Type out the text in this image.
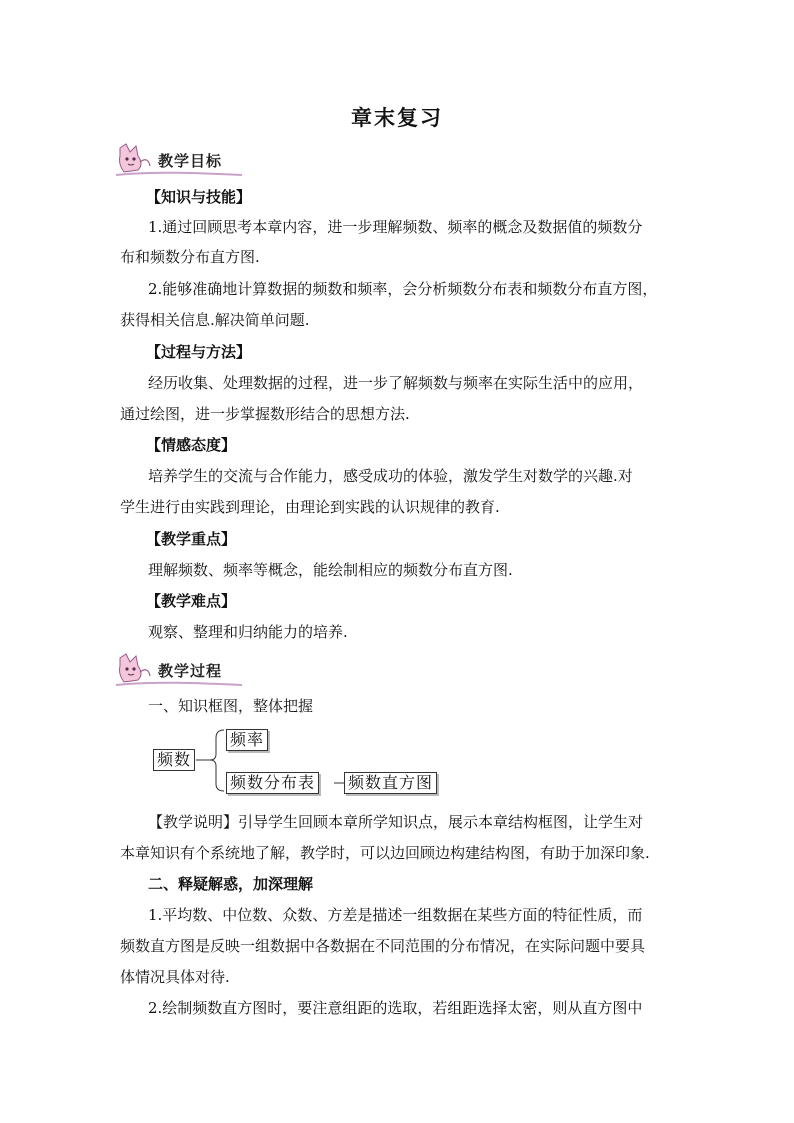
章末复习
教学目标
【知识与技能】
1.通过回顾思考本章内容，进一步理解频数、频率的概念及数据值的频数分
布和频数分布直方图.
2.能够准确地计算数据的频数和频率，会分析频数分布表和频数分布直方图，
获得相关信息.解决简单问题.
【过程与方法】
经历收集、处理数据的过程，进一步了解频数与频率在实际生活中的应用，
通过绘图，进一步掌握数形结合的思想方法.
【情感态度】
培养学生的交流与合作能力，感受成功的体验，激发学生对数学的兴趣.对
学生进行由实践到理论，由理论到实践的认识规律的教育.
【教学重点】
理解频数、频率等概念，能绘制相应的频数分布直方图.
【教学难点】
观察、整理和归纳能力的培养.
教学过程
一、知识框图，整体把握
频数
频率
频数分布表 频数直方图
【教学说明】引导学生回顾本章所学知识点，展示本章结构框图，让学生对
本章知识有个系统地了解，教学时，可以边回顾边构建结构图，有助于加深印象.
二、释疑解惑，加深理解
1.平均数、中位数、众数、方差是描述一组数据在某些方面的特征性质，而
频数直方图是反映一组数据中各数据在不同范围的分布情况，在实际问题中要具
体情况具体对待.
2.绘制频数直方图时，要注意组距的选取，若组距选择太密，则从直方图中
